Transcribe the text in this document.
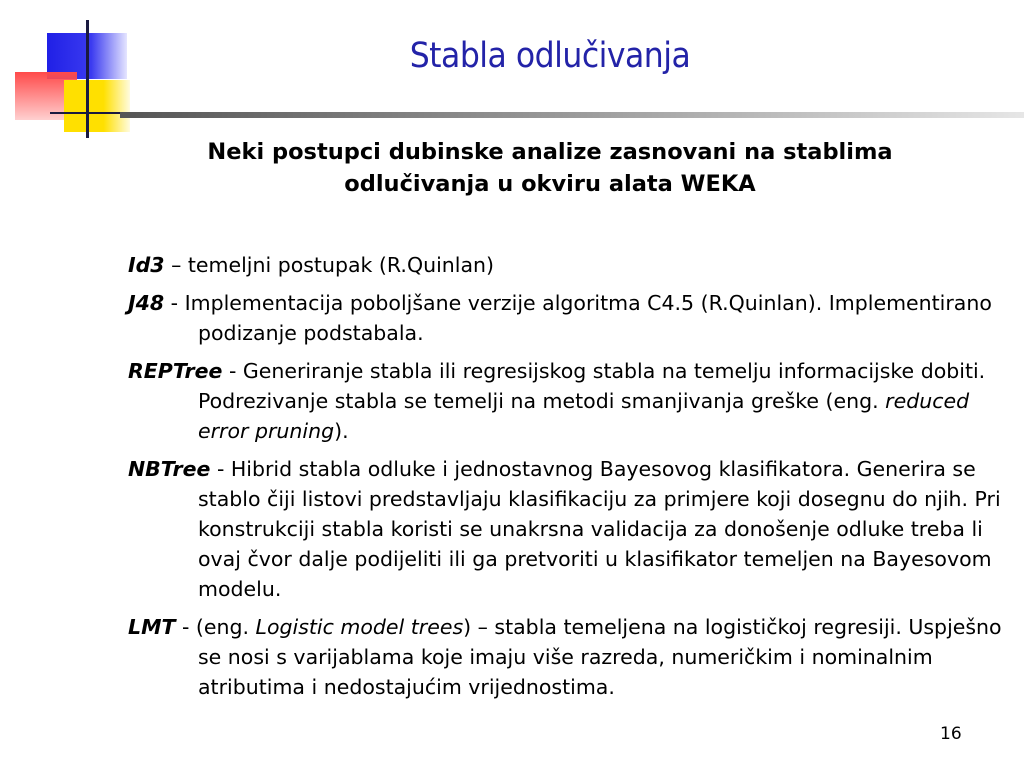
Stabla odlučivanja
Neki postupci dubinske analize zasnovani na stablima odlučivanja u okviru alata WEKA
Id3 – temeljni postupak (R.Quinlan)
J48 - Implementacija poboljšane verzije algoritma C4.5 (R.Quinlan). Implementirano podizanje podstabala.
REPTree - Generiranje stabla ili regresijskog stabla na temelju informacijske dobiti. Podrezivanje stabla se temelji na metodi smanjivanja greške (eng. reduced error pruning).
NBTree - Hibrid stabla odluke i jednostavnog Bayesovog klasifikatora. Generira se stablo čiji listovi predstavljaju klasifikaciju za primjere koji dosegnu do njih. Pri konstrukciji stabla koristi se unakrsna validacija za donošenje odluke treba li ovaj čvor dalje podijeliti ili ga pretvoriti u klasifikator temeljen na Bayesovom modelu.
LMT - (eng. Logistic model trees) – stabla temeljena na logističkoj regresiji. Uspješno se nosi s varijablama koje imaju više razreda, numeričkim i nominalnim atributima i nedostajućim vrijednostima.
16
